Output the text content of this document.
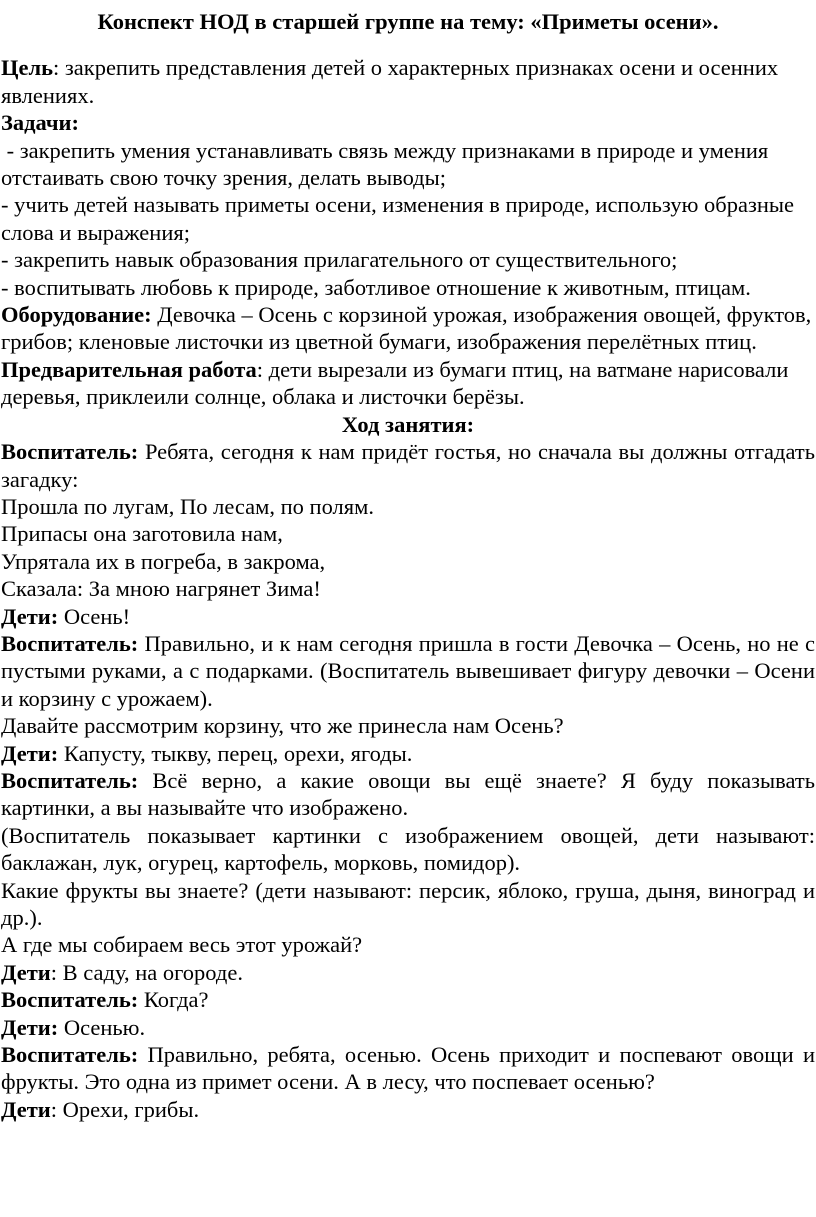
Конспект НОД в старшей группе на тему: «Приметы осени».

Цель: закрепить представления детей о характерных признаках осени и осенних явлениях.

Задачи:

- закрепить умения устанавливать связь между признаками в природе и умения отстаивать свою точку зрения, делать выводы;

- учить детей называть приметы осени, изменения в природе, использую образные слова и выражения;

- закрепить навык образования прилагательного от существительного;

- воспитывать любовь к природе, заботливое отношение к животным, птицам.

Оборудование: Девочка – Осень с корзиной урожая, изображения овощей, фруктов, грибов; кленовые листочки из цветной бумаги, изображения перелётных птиц.

Предварительная работа: дети вырезали из бумаги птиц, на ватмане нарисовали деревья, приклеили солнце, облака и листочки берёзы.

Ход занятия:

Воспитатель: Ребята, сегодня к нам придёт гостья, но сначала вы должны отгадать загадку:

Прошла по лугам, По лесам, по полям.

Припасы она заготовила нам,

Упрятала их в погреба, в закрома,

Сказала: За мною нагрянет Зима!

Дети: Осень!

Воспитатель: Правильно, и к нам сегодня пришла в гости Девочка – Осень, но не с пустыми руками, а с подарками. (Воспитатель вывешивает фигуру девочки – Осени и корзину с урожаем).

Давайте рассмотрим корзину, что же принесла нам Осень?

Дети: Капусту, тыкву, перец, орехи, ягоды.

Воспитатель: Всё верно, а какие овощи вы ещё знаете? Я буду показывать картинки, а вы называйте что изображено.

(Воспитатель показывает картинки с изображением овощей, дети называют: баклажан, лук, огурец, картофель, морковь, помидор).

Какие фрукты вы знаете? (дети называют: персик, яблоко, груша, дыня, виноград и др.).

А где мы собираем весь этот урожай?

Дети: В саду, на огороде.

Воспитатель: Когда?

Дети: Осенью.

Воспитатель: Правильно, ребята, осенью. Осень приходит и поспевают овощи и фрукты. Это одна из примет осени. А в лесу, что поспевает осенью?

Дети: Орехи, грибы.
